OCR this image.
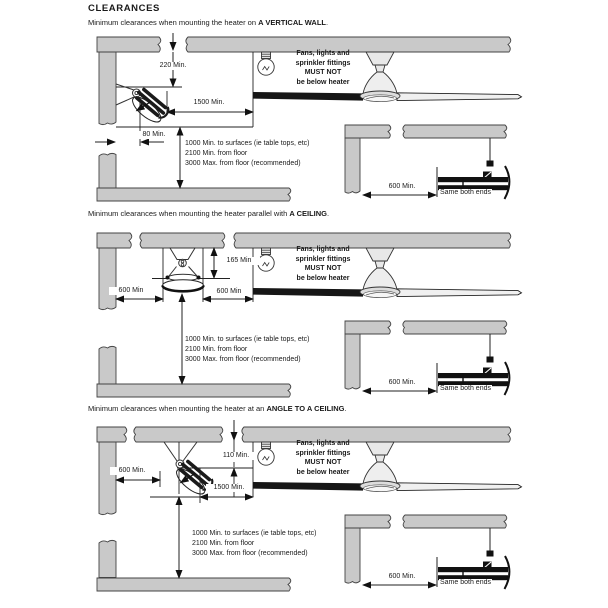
CLEARANCES
Minimum clearances when mounting the heater on A VERTICAL WALL.
Minimum clearances when mounting the heater parallel with A CEILING.
Minimum clearances when mounting the heater at an ANGLE TO A CEILING.
220 Min.
1500 Min.
80 Min.
Fans, lights and
sprinkler fittings
MUST NOT
be below heater
1000 Min. to surfaces (ie table tops, etc)
2100 Min. from floor
3000 Max. from floor (recommended)
600 Min.
Same both ends
165 Min
600 Min	600 Min
Fans, lights and
sprinkler fittings
MUST NOT
be below heater
1000 Min. to surfaces (ie table tops, etc)
2100 Min. from floor
3000 Max. from floor (recommended)
600 Min.
Same both ends
110 Min.
600 Min.
1500 Min.
Fans, lights and
sprinkler fittings
MUST NOT
be below heater
1000 Min. to surfaces (ie table tops, etc)
2100 Min. from floor
3000 Max. from floor (recommended)
600 Min.
Same both ends
